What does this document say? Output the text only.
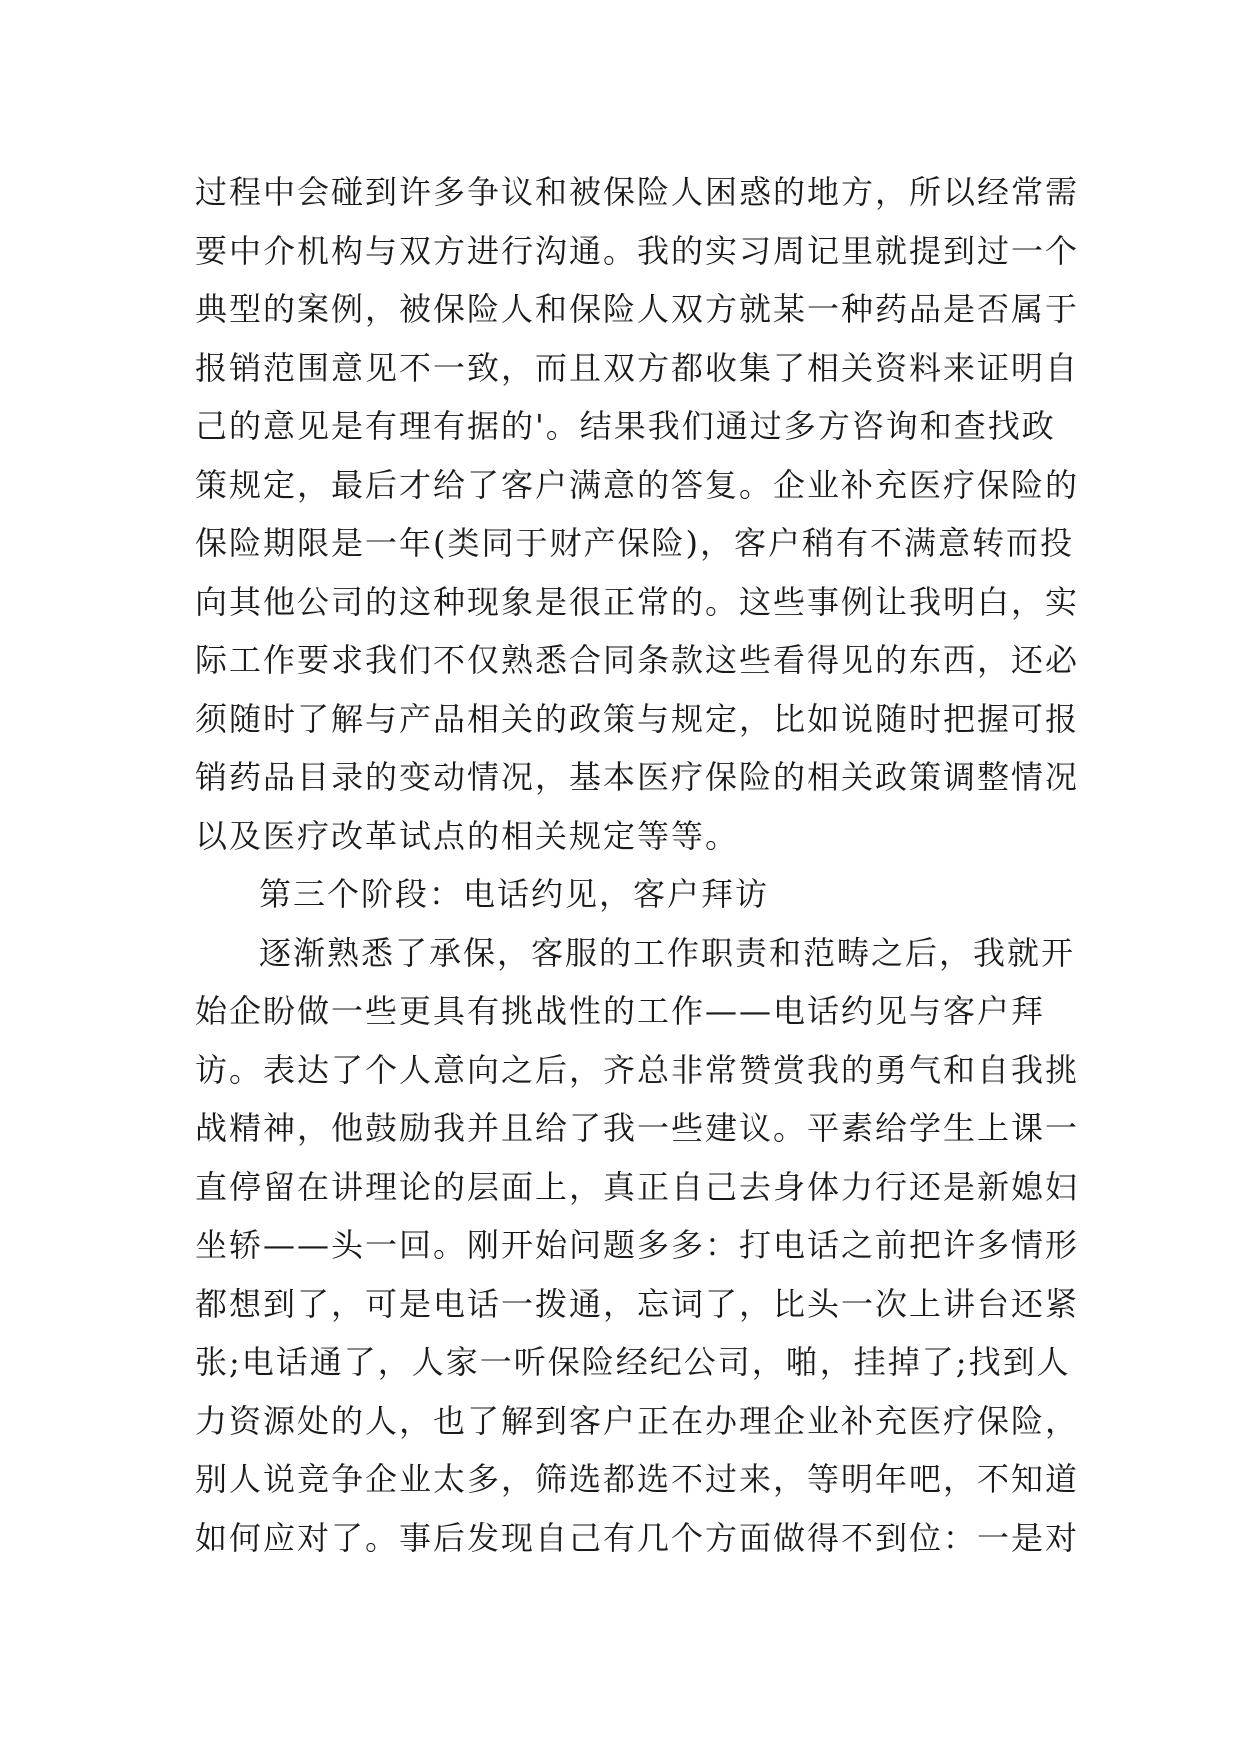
过程中会碰到许多争议和被保险人困惑的地方，所以经常需
要中介机构与双方进行沟通。我的实习周记里就提到过一个
典型的案例，被保险人和保险人双方就某一种药品是否属于
报销范围意见不一致，而且双方都收集了相关资料来证明自
己的意见是有理有据的'。结果我们通过多方咨询和查找政
策规定，最后才给了客户满意的答复。企业补充医疗保险的
保险期限是一年(类同于财产保险)，客户稍有不满意转而投
向其他公司的这种现象是很正常的。这些事例让我明白，实
际工作要求我们不仅熟悉合同条款这些看得见的东西，还必
须随时了解与产品相关的政策与规定，比如说随时把握可报
销药品目录的变动情况，基本医疗保险的相关政策调整情况
以及医疗改革试点的相关规定等等。
第三个阶段：电话约见，客户拜访
逐渐熟悉了承保，客服的工作职责和范畴之后，我就开
始企盼做一些更具有挑战性的工作——电话约见与客户拜
访。表达了个人意向之后，齐总非常赞赏我的勇气和自我挑
战精神，他鼓励我并且给了我一些建议。平素给学生上课一
直停留在讲理论的层面上，真正自己去身体力行还是新媳妇
坐轿——头一回。刚开始问题多多：打电话之前把许多情形
都想到了，可是电话一拨通，忘词了，比头一次上讲台还紧
张;电话通了，人家一听保险经纪公司，啪，挂掉了;找到人
力资源处的人，也了解到客户正在办理企业补充医疗保险，
别人说竞争企业太多，筛选都选不过来，等明年吧，不知道
如何应对了。事后发现自己有几个方面做得不到位：一是对
